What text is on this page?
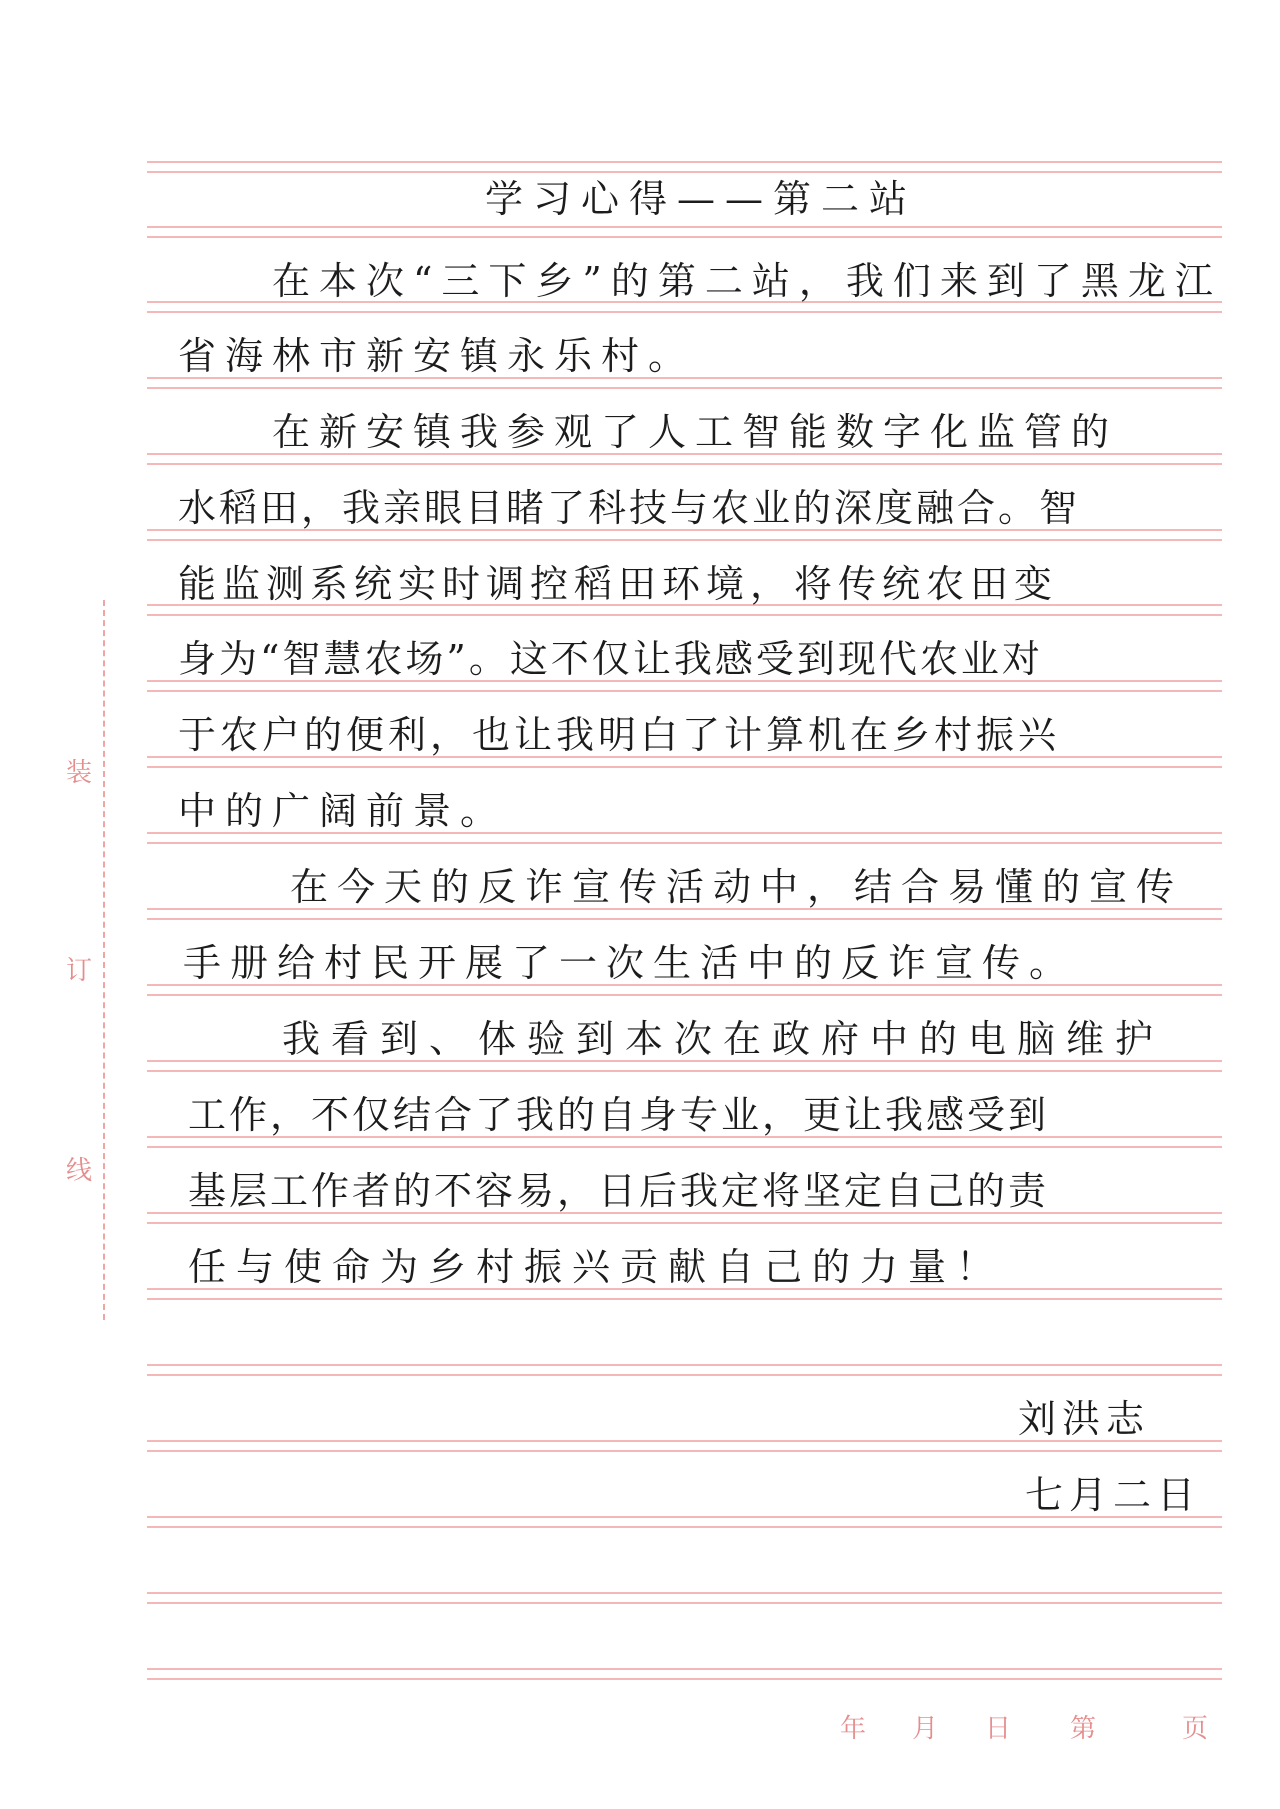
装
订
线
学习心得——第二站
在本次“三下乡”的第二站，我们来到了黑龙江
省海林市新安镇永乐村。
在新安镇我参观了人工智能数字化监管的
水稻田，我亲眼目睹了科技与农业的深度融合。智
能监测系统实时调控稻田环境，将传统农田变
身为“智慧农场”。这不仅让我感受到现代农业对
于农户的便利，也让我明白了计算机在乡村振兴
中的广阔前景。
在今天的反诈宣传活动中，结合易懂的宣传
手册给村民开展了一次生活中的反诈宣传。
我看到、体验到本次在政府中的电脑维护
工作，不仅结合了我的自身专业，更让我感受到
基层工作者的不容易，日后我定将坚定自己的责
任与使命为乡村振兴贡献自己的力量！
刘洪志
七月二日
年 月 日 第	页
